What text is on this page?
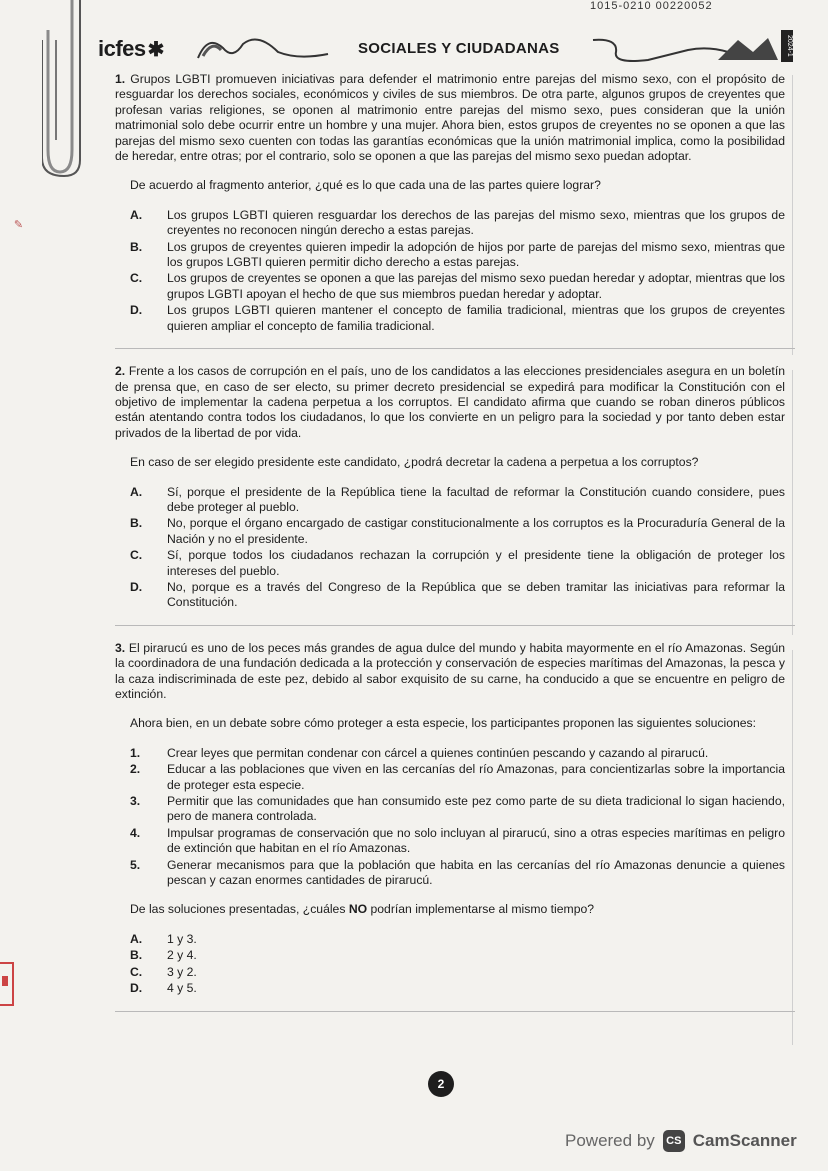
1015-0210 00220052
icfes ✱	SOCIALES Y CIUDADANAS	2024-1
✎

1. Grupos LGBTI promueven iniciativas para defender el matrimonio entre parejas del mismo sexo, con el propósito de resguardar los derechos sociales, económicos y civiles de sus miembros. De otra parte, algunos grupos de creyentes que profesan varias religiones, se oponen al matrimonio entre parejas del mismo sexo, pues consideran que la unión matrimonial solo debe ocurrir entre un hombre y una mujer. Ahora bien, estos grupos de creyentes no se oponen a que las parejas del mismo sexo cuenten con todas las garantías económicas que la unión matrimonial implica, como la posibilidad de heredar, entre otras; por el contrario, solo se oponen a que las parejas del mismo sexo puedan adoptar.

De acuerdo al fragmento anterior, ¿qué es lo que cada una de las partes quiere lograr?

A.	Los grupos LGBTI quieren resguardar los derechos de las parejas del mismo sexo, mientras que los grupos de creyentes no reconocen ningún derecho a estas parejas.
B.	Los grupos de creyentes quieren impedir la adopción de hijos por parte de parejas del mismo sexo, mientras que los grupos LGBTI quieren permitir dicho derecho a estas parejas.
C.	Los grupos de creyentes se oponen a que las parejas del mismo sexo puedan heredar y adoptar, mientras que los grupos LGBTI apoyan el hecho de que sus miembros puedan heredar y adoptar.
D.	Los grupos LGBTI quieren mantener el concepto de familia tradicional, mientras que los grupos de creyentes quieren ampliar el concepto de familia tradicional.

2. Frente a los casos de corrupción en el país, uno de los candidatos a las elecciones presidenciales asegura en un boletín de prensa que, en caso de ser electo, su primer decreto presidencial se expedirá para modificar la Constitución con el objetivo de implementar la cadena perpetua a los corruptos. El candidato afirma que cuando se roban dineros públicos están atentando contra todos los ciudadanos, lo que los convierte en un peligro para la sociedad y por tanto deben estar privados de la libertad de por vida.

En caso de ser elegido presidente este candidato, ¿podrá decretar la cadena a perpetua a los corruptos?

A.	Sí, porque el presidente de la República tiene la facultad de reformar la Constitución cuando considere, pues debe proteger al pueblo.
B.	No, porque el órgano encargado de castigar constitucionalmente a los corruptos es la Procuraduría General de la Nación y no el presidente.
C.	Sí, porque todos los ciudadanos rechazan la corrupción y el presidente tiene la obligación de proteger los intereses del pueblo.
D.	No, porque es a través del Congreso de la República que se deben tramitar las iniciativas para reformar la Constitución.

3. El pirarucú es uno de los peces más grandes de agua dulce del mundo y habita mayormente en el río Amazonas. Según la coordinadora de una fundación dedicada a la protección y conservación de especies marítimas del Amazonas, la pesca y la caza indiscriminada de este pez, debido al sabor exquisito de su carne, ha conducido a que se encuentre en peligro de extinción.

Ahora bien, en un debate sobre cómo proteger a esta especie, los participantes proponen las siguientes soluciones:

1.	Crear leyes que permitan condenar con cárcel a quienes continúen pescando y cazando al pirarucú.
2.	Educar a las poblaciones que viven en las cercanías del río Amazonas, para concientizarlas sobre la importancia de proteger esta especie.
3.	Permitir que las comunidades que han consumido este pez como parte de su dieta tradicional lo sigan haciendo, pero de manera controlada.
4.	Impulsar programas de conservación que no solo incluyan al pirarucú, sino a otras especies marítimas en peligro de extinción que habitan en el río Amazonas.
5.	Generar mecanismos para que la población que habita en las cercanías del río Amazonas denuncie a quienes pescan y cazan enormes cantidades de pirarucú.

De las soluciones presentadas, ¿cuáles NO podrían implementarse al mismo tiempo?

A.	1 y 3.
B.	2 y 4.
C.	3 y 2.
D.	4 y 5.
2
Powered by	CS CamScanner
